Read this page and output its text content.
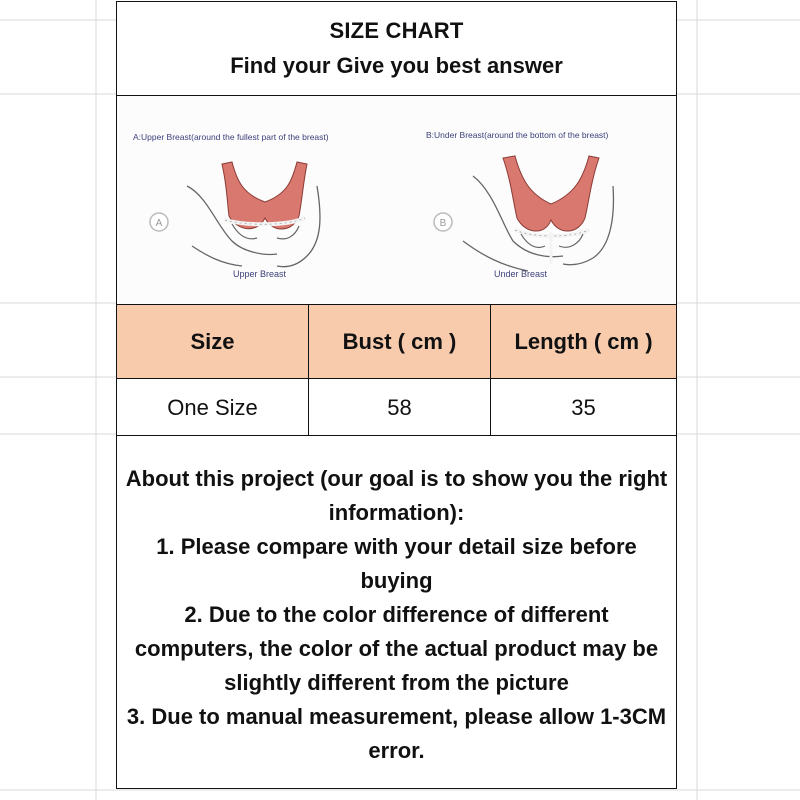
SIZE CHART
Find your Give you best answer
A:Upper Breast(around the fullest part of the breast)	B:Under Breast(around the bottom of the breast)
A
Upper Breast
B
Under Breast
Size	Bust ( cm )	Length ( cm )
One Size	58	35

About this project (our goal is to show you the right information):

1. Please compare with your detail size before buying

2. Due to the color difference of different computers, the color of the actual product may be slightly different from the picture

3. Due to manual measurement, please allow 1-3CM error.
